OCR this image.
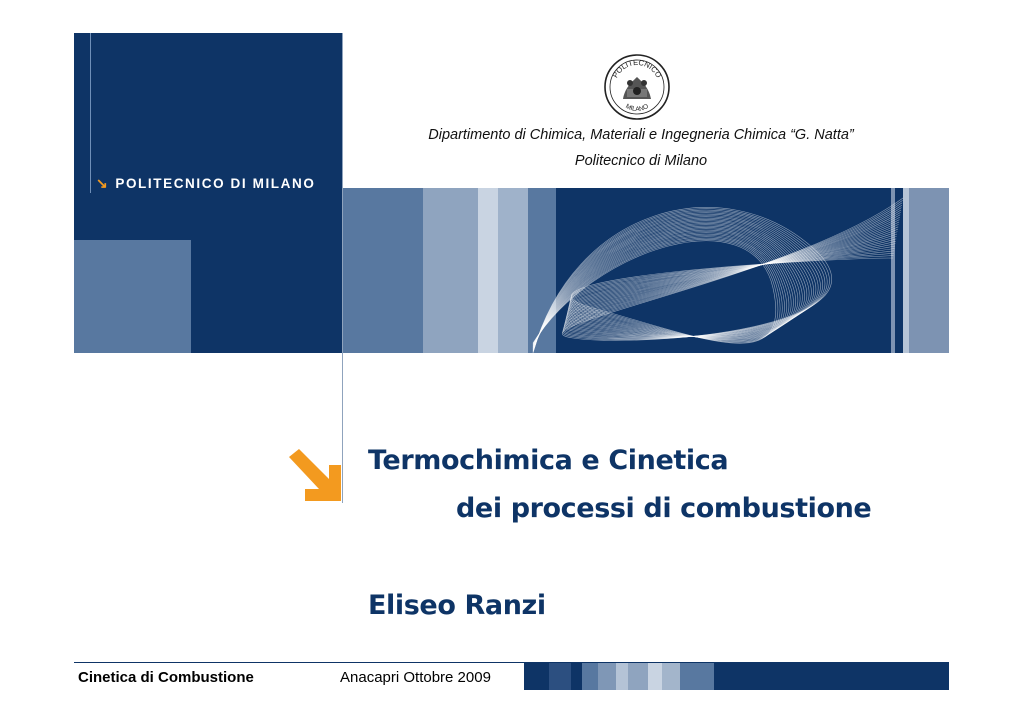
↘ POLITECNICO DI MILANO
POLITECNICO
MILANO
Dipartimento di Chimica, Materiali e Ingegneria Chimica “G. Natta”
Politecnico di Milano
Termochimica e Cinetica
dei processi di combustione
Eliseo Ranzi
Cinetica di Combustione	Anacapri Ottobre 2009
